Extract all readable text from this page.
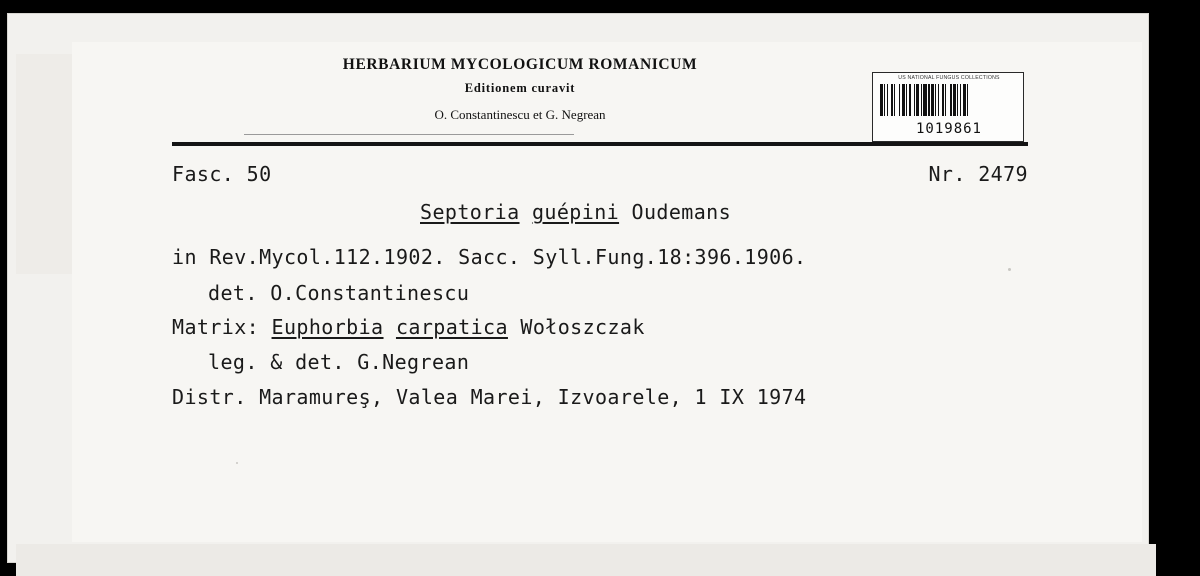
HERBARIUM MYCOLOGICUM ROMANICUM
Editionem curavit
O. Constantinescu et G. Negrean
US NATIONAL FUNGUS COLLECTIONS
1019861
Fasc. 50	Nr. 2479
Septoria guépini Oudemans
in Rev.Mycol.112.1902. Sacc. Syll.Fung.18:396.1906.
det. O.Constantinescu
Matrix: Euphorbia carpatica Wołoszczak
leg. & det. G.Negrean
Distr. Maramureş, Valea Marei, Izvoarele, 1 IX 1974
